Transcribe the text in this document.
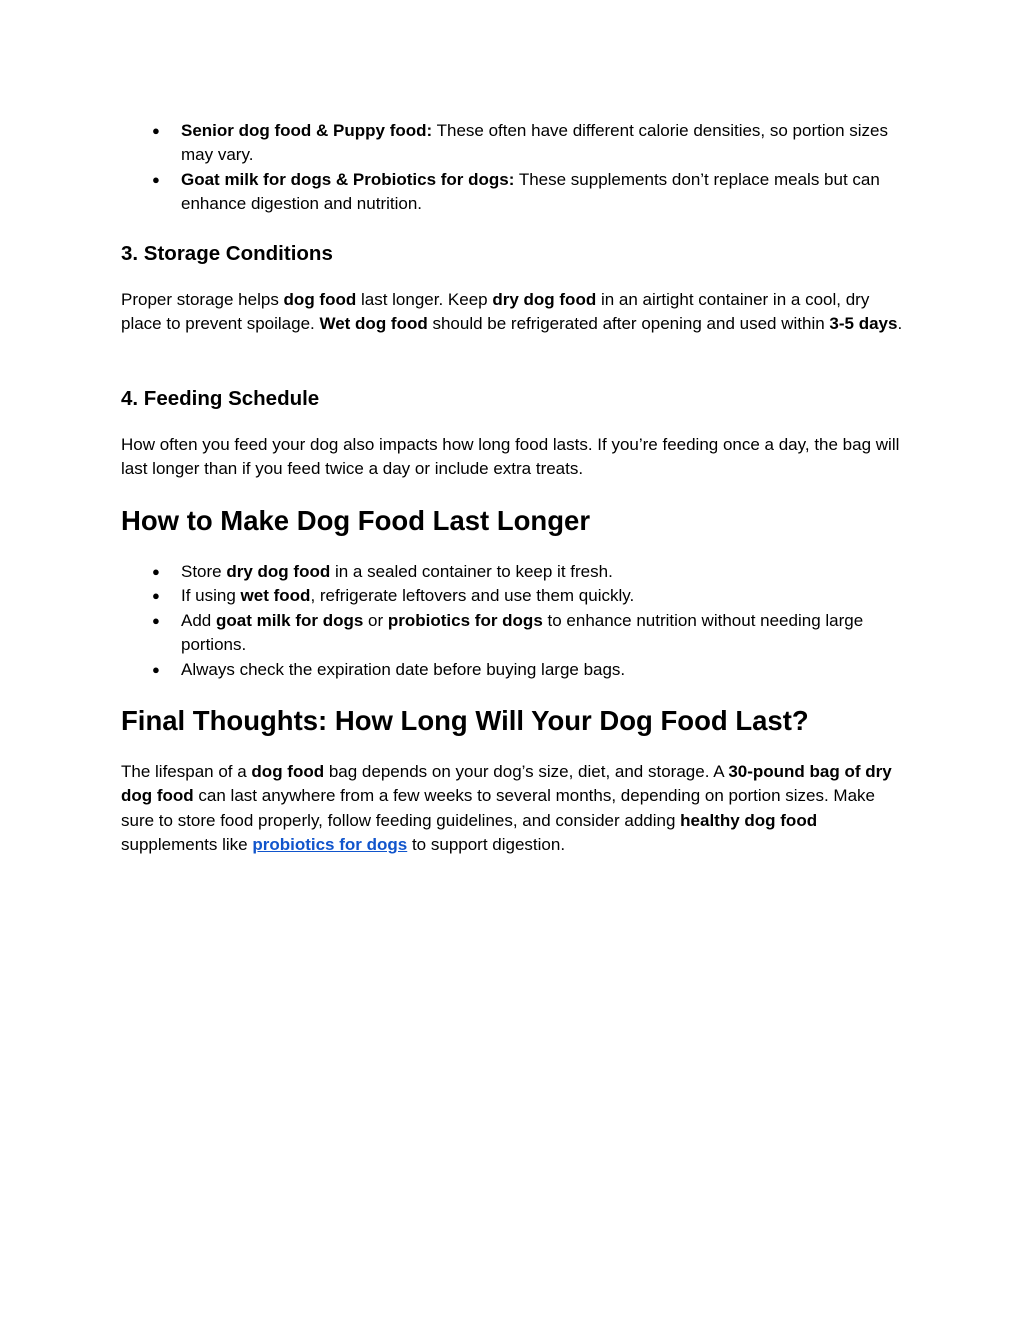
● Senior dog food & Puppy food: These often have different calorie densities, so portion sizes may vary.
● Goat milk for dogs & Probiotics for dogs: These supplements don’t replace meals but can enhance digestion and nutrition.
3. Storage Conditions

Proper storage helps dog food last longer. Keep dry dog food in an airtight container in a cool, dry place to prevent spoilage. Wet dog food should be refrigerated after opening and used within 3-5 days.

4. Feeding Schedule

How often you feed your dog also impacts how long food lasts. If you’re feeding once a day, the bag will last longer than if you feed twice a day or include extra treats.

How to Make Dog Food Last Longer
● Store dry dog food in a sealed container to keep it fresh.
● If using wet food, refrigerate leftovers and use them quickly.
● Add goat milk for dogs or probiotics for dogs to enhance nutrition without needing large portions.
● Always check the expiration date before buying large bags.
Final Thoughts: How Long Will Your Dog Food Last?

The lifespan of a dog food bag depends on your dog’s size, diet, and storage. A 30-pound bag of dry dog food can last anywhere from a few weeks to several months, depending on portion sizes. Make sure to store food properly, follow feeding guidelines, and consider adding healthy dog food supplements like probiotics for dogs to support digestion.
